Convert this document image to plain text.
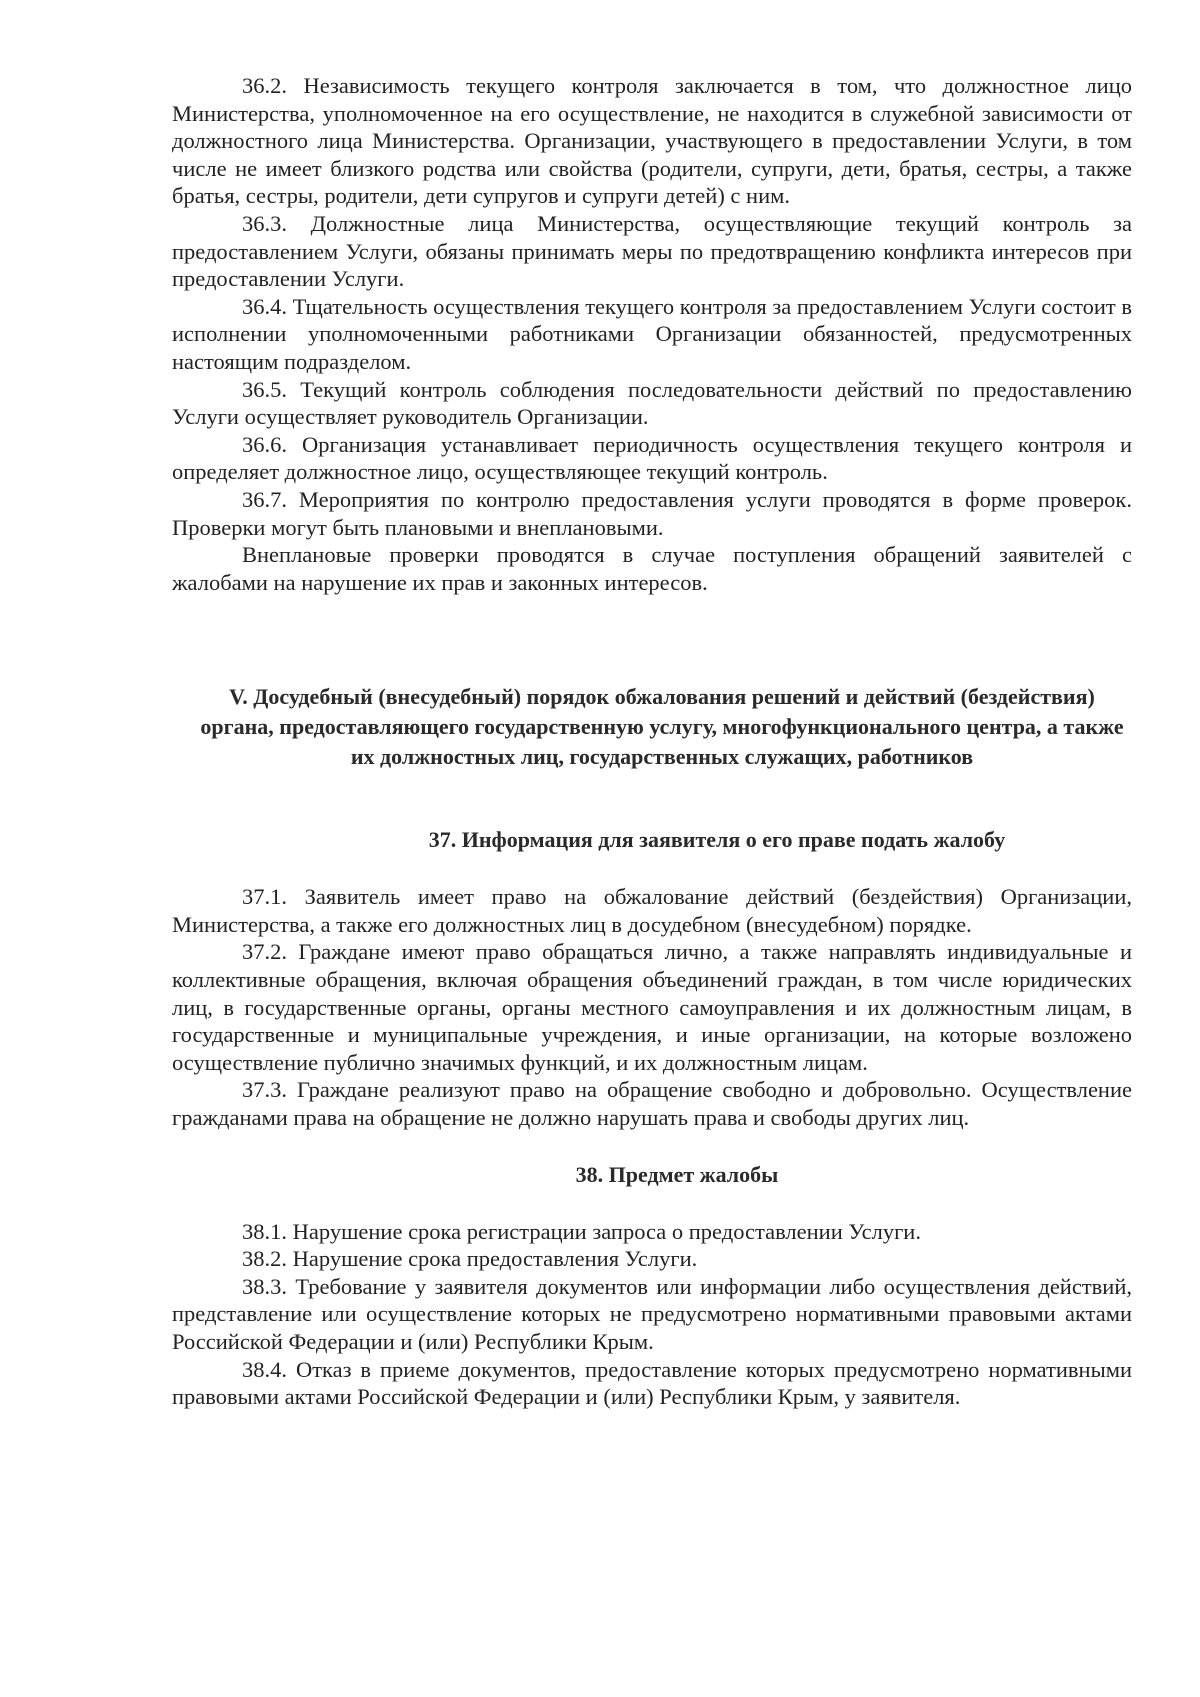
36.2. Независимость текущего контроля заключается в том, что должностное лицо Министерства, уполномоченное на его осуществление, не находится в служебной зависимости от должностного лица Министерства. Организации, участвующего в предоставлении Услуги, в том числе не имеет близкого родства или свойства (родители, супруги, дети, братья, сестры, а также братья, сестры, родители, дети супругов и супруги детей) с ним.

36.3. Должностные лица Министерства, осуществляющие текущий контроль за предоставлением Услуги, обязаны принимать меры по предотвращению конфликта интересов при предоставлении Услуги.

36.4. Тщательность осуществления текущего контроля за предоставлением Услуги состоит в исполнении уполномоченными работниками Организации обязанностей, предусмотренных настоящим подразделом.

36.5. Текущий контроль соблюдения последовательности действий по предоставлению Услуги осуществляет руководитель Организации.

36.6. Организация устанавливает периодичность осуществления текущего контроля и определяет должностное лицо, осуществляющее текущий контроль.

36.7. Мероприятия по контролю предоставления услуги проводятся в форме проверок. Проверки могут быть плановыми и внеплановыми.

Внеплановые проверки проводятся в случае поступления обращений заявителей с жалобами на нарушение их прав и законных интересов.

V. Досудебный (внесудебный) порядок обжалования решений и действий (бездействия) органа, предоставляющего государственную услугу, многофункционального центра, а также их должностных лиц, государственных служащих, работников
37. Информация для заявителя о его праве подать жалобу

37.1. Заявитель имеет право на обжалование действий (бездействия) Организации, Министерства, а также его должностных лиц в досудебном (внесудебном) порядке.

37.2. Граждане имеют право обращаться лично, а также направлять индивидуальные и коллективные обращения, включая обращения объединений граждан, в том числе юридических лиц, в государственные органы, органы местного самоуправления и их должностным лицам, в государственные и муниципальные учреждения, и иные организации, на которые возложено осуществление публично значимых функций, и их должностным лицам.

37.3. Граждане реализуют право на обращение свободно и добровольно. Осуществление гражданами права на обращение не должно нарушать права и свободы других лиц.

38. Предмет жалобы

38.1. Нарушение срока регистрации запроса о предоставлении Услуги.

38.2. Нарушение срока предоставления Услуги.

38.3. Требование у заявителя документов или информации либо осуществления действий, представление или осуществление которых не предусмотрено нормативными правовыми актами Российской Федерации и (или) Республики Крым.

38.4. Отказ в приеме документов, предоставление которых предусмотрено нормативными правовыми актами Российской Федерации и (или) Республики Крым, у заявителя.
